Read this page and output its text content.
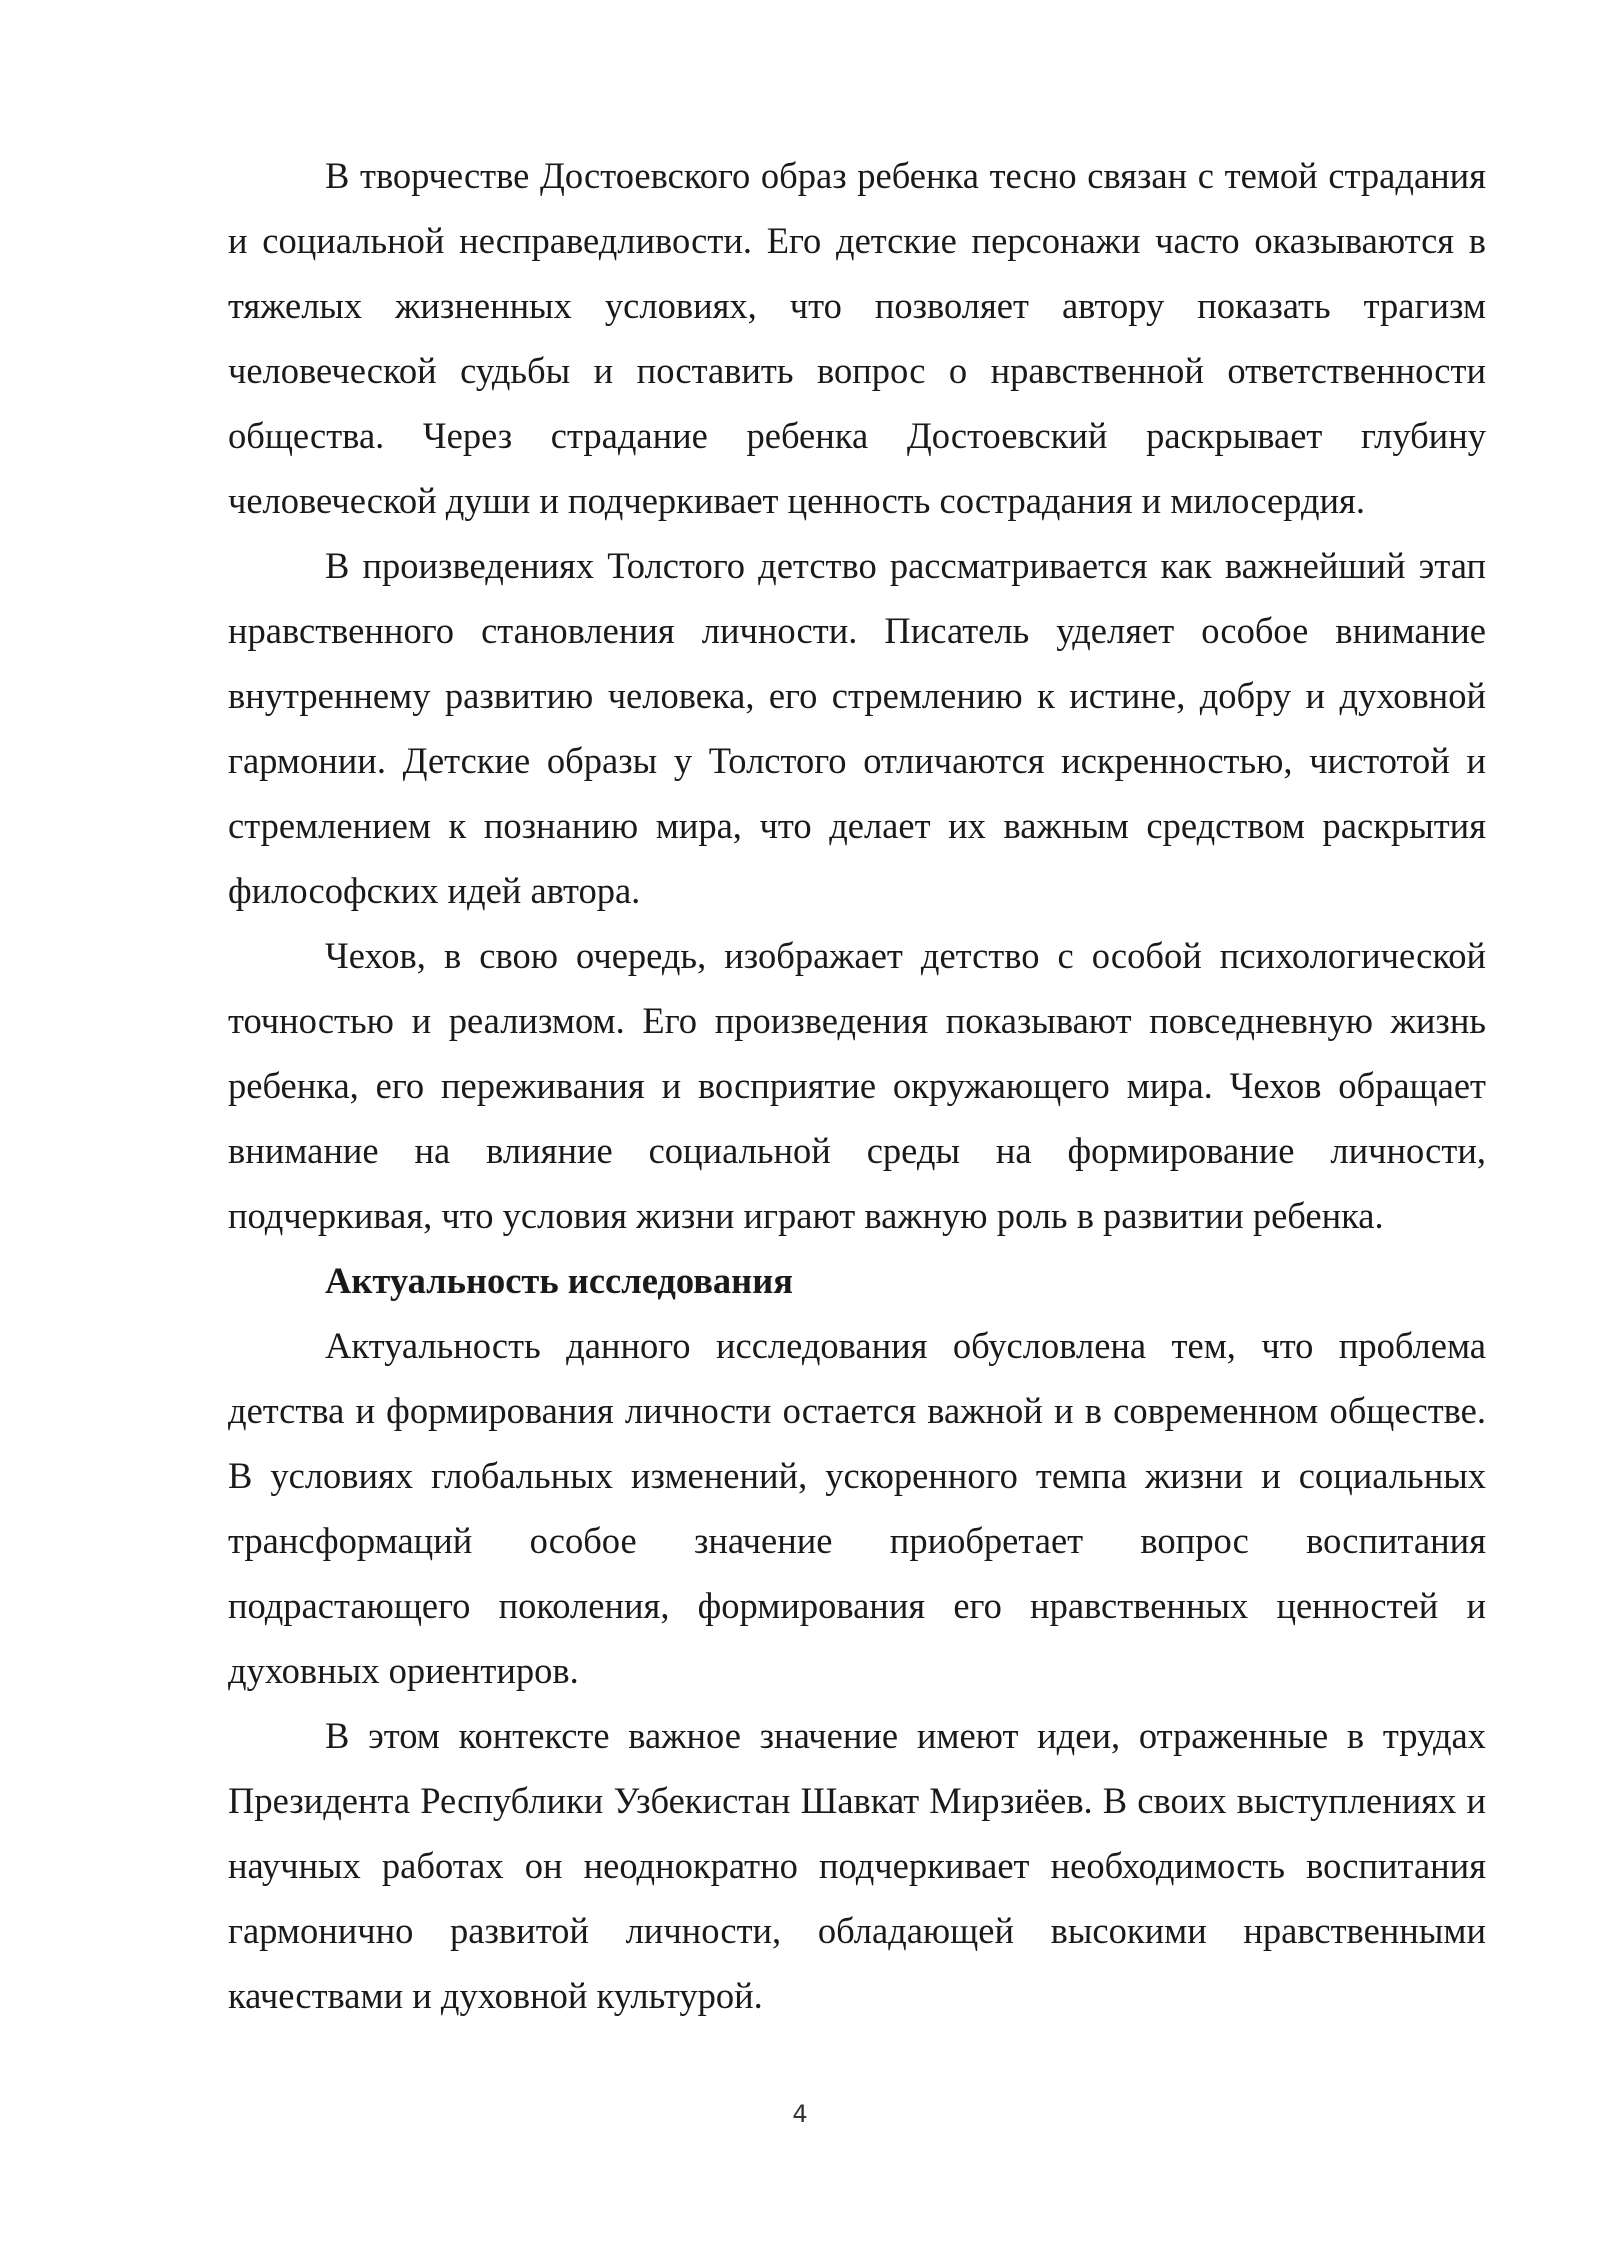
В творчестве Достоевского образ ребенка тесно связан с темой страдания и социальной несправедливости. Его детские персонажи часто оказываются в тяжелых жизненных условиях, что позволяет автору показать трагизм человеческой судьбы и поставить вопрос о нравственной ответственности общества. Через страдание ребенка Достоевский раскрывает глубину человеческой души и подчеркивает ценность сострадания и милосердия.

В произведениях Толстого детство рассматривается как важнейший этап нравственного становления личности. Писатель уделяет особое внимание внутреннему развитию человека, его стремлению к истине, добру и духовной гармонии. Детские образы у Толстого отличаются искренностью, чистотой и стремлением к познанию мира, что делает их важным средством раскрытия философских идей автора.

Чехов, в свою очередь, изображает детство с особой психологической точностью и реализмом. Его произведения показывают повседневную жизнь ребенка, его переживания и восприятие окружающего мира. Чехов обращает внимание на влияние социальной среды на формирование личности, подчеркивая, что условия жизни играют важную роль в развитии ребенка.

Актуальность исследования

Актуальность данного исследования обусловлена тем, что проблема детства и формирования личности остается важной и в современном обществе. В условиях глобальных изменений, ускоренного темпа жизни и социальных трансформаций особое значение приобретает вопрос воспитания подрастающего поколения, формирования его нравственных ценностей и духовных ориентиров.

В этом контексте важное значение имеют идеи, отраженные в трудах Президента Республики Узбекистан Шавкат Мирзиёев. В своих выступлениях и научных работах он неоднократно подчеркивает необходимость воспитания гармонично развитой личности, обладающей высокими нравственными качествами и духовной культурой.

4
